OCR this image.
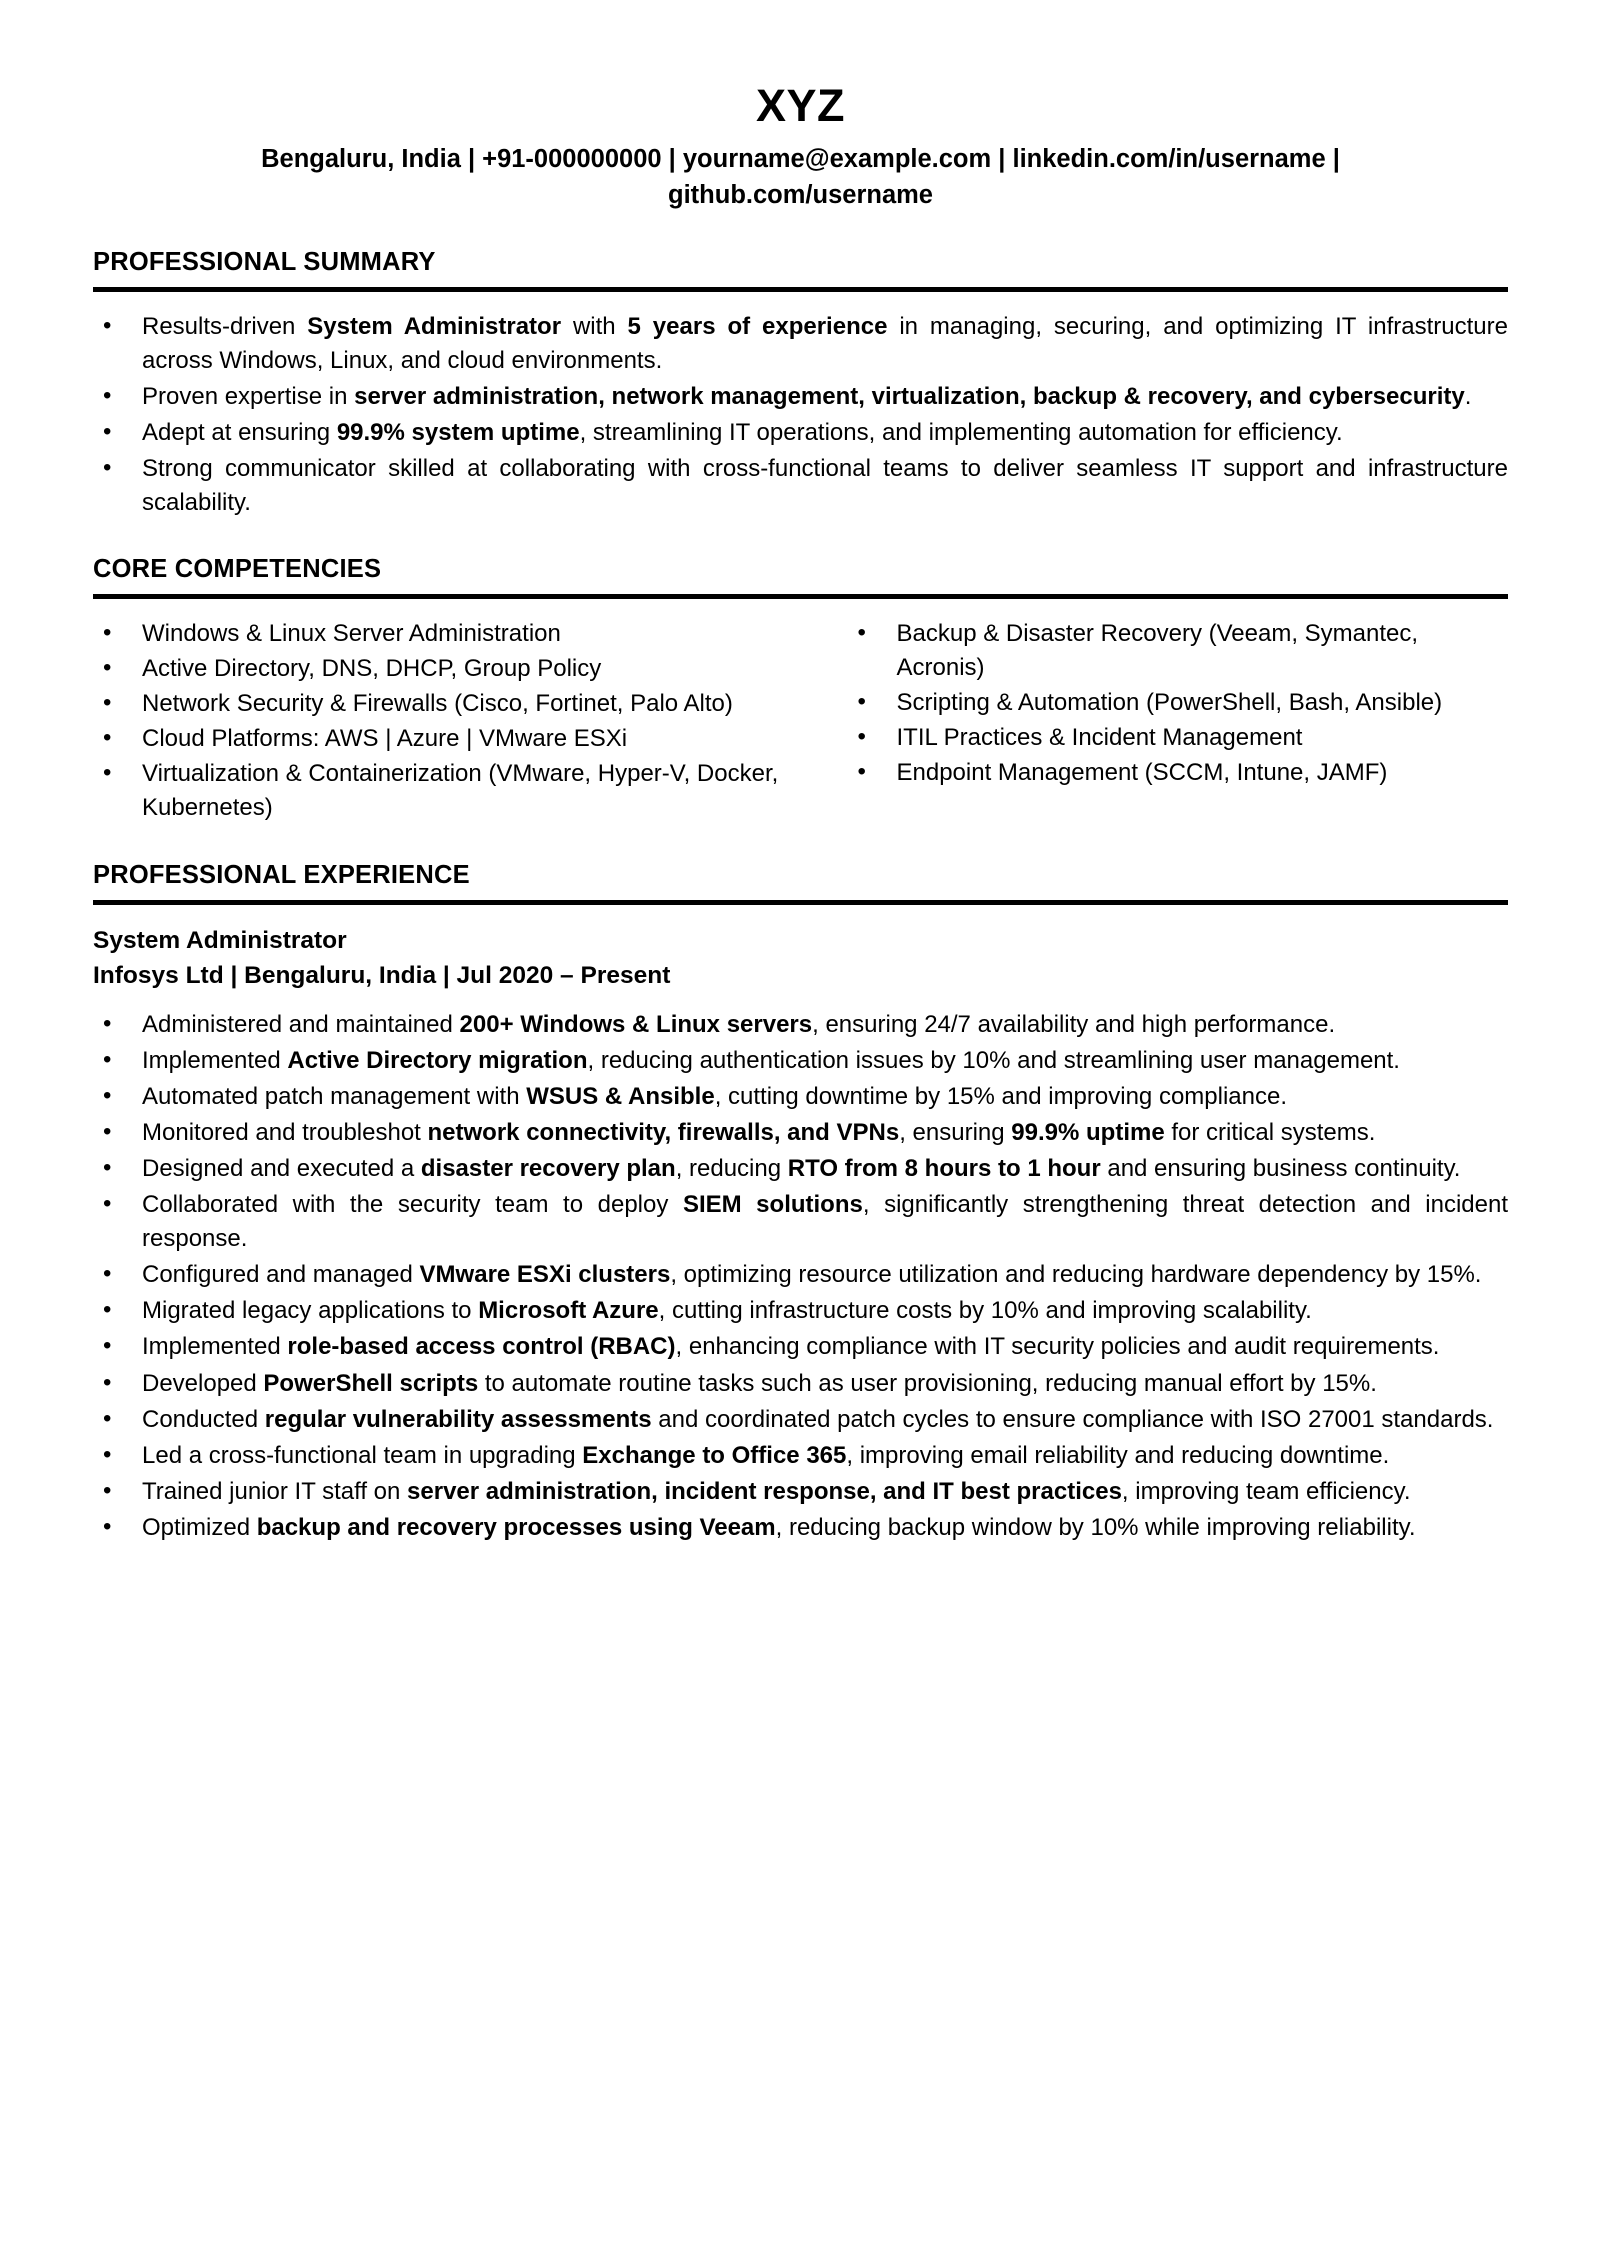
XYZ
Bengaluru, India | +91-000000000 | yourname@example.com | linkedin.com/in/username | github.com/username
PROFESSIONAL SUMMARY
• Results-driven System Administrator with 5 years of experience in managing, securing, and optimizing IT infrastructure across Windows, Linux, and cloud environments.
• Proven expertise in server administration, network management, virtualization, backup & recovery, and cybersecurity.
• Adept at ensuring 99.9% system uptime, streamlining IT operations, and implementing automation for efficiency.
• Strong communicator skilled at collaborating with cross-functional teams to deliver seamless IT support and infrastructure scalability.
CORE COMPETENCIES
• Windows & Linux Server Administration
• Active Directory, DNS, DHCP, Group Policy
• Network Security & Firewalls (Cisco, Fortinet, Palo Alto)
• Cloud Platforms: AWS | Azure | VMware ESXi
• Virtualization & Containerization (VMware, Hyper-V, Docker, Kubernetes)
• Backup & Disaster Recovery (Veeam, Symantec, Acronis)
• Scripting & Automation (PowerShell, Bash, Ansible)
• ITIL Practices & Incident Management
• Endpoint Management (SCCM, Intune, JAMF)
PROFESSIONAL EXPERIENCE
System Administrator
Infosys Ltd | Bengaluru, India | Jul 2020 – Present
• Administered and maintained 200+ Windows & Linux servers, ensuring 24/7 availability and high performance.
• Implemented Active Directory migration, reducing authentication issues by 10% and streamlining user management.
• Automated patch management with WSUS & Ansible, cutting downtime by 15% and improving compliance.
• Monitored and troubleshot network connectivity, firewalls, and VPNs, ensuring 99.9% uptime for critical systems.
• Designed and executed a disaster recovery plan, reducing RTO from 8 hours to 1 hour and ensuring business continuity.
• Collaborated with the security team to deploy SIEM solutions, significantly strengthening threat detection and incident response.
• Configured and managed VMware ESXi clusters, optimizing resource utilization and reducing hardware dependency by 15%.
• Migrated legacy applications to Microsoft Azure, cutting infrastructure costs by 10% and improving scalability.
• Implemented role-based access control (RBAC), enhancing compliance with IT security policies and audit requirements.
• Developed PowerShell scripts to automate routine tasks such as user provisioning, reducing manual effort by 15%.
• Conducted regular vulnerability assessments and coordinated patch cycles to ensure compliance with ISO 27001 standards.
• Led a cross-functional team in upgrading Exchange to Office 365, improving email reliability and reducing downtime.
• Trained junior IT staff on server administration, incident response, and IT best practices, improving team efficiency.
• Optimized backup and recovery processes using Veeam, reducing backup window by 10% while improving reliability.
